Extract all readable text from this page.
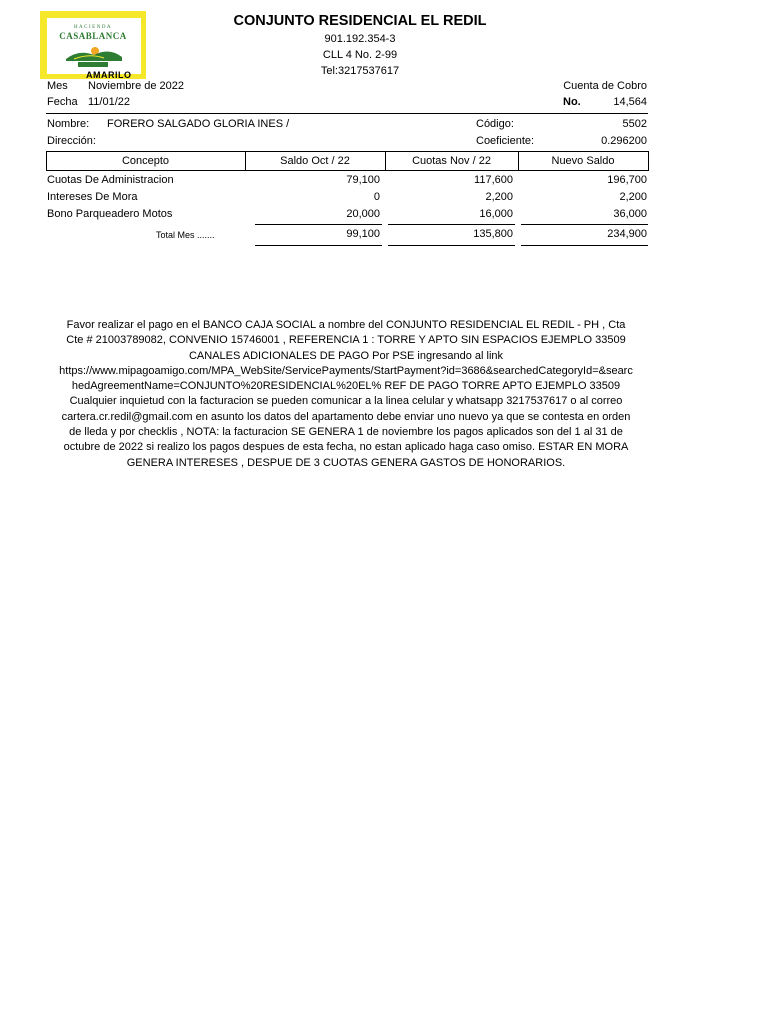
HACIENDA
CASABLANCA
AMARILO
CONJUNTO RESIDENCIAL EL REDIL
901.192.354-3
CLL 4 No. 2-99
Tel:3217537617
Mes Noviembre de 2022
Fecha 11/01/22
Cuenta de Cobro
No.	14,564
Nombre: FORERO SALGADO GLORIA INES /
Dirección:
Código:	5502
Coeficiente:	0.296200
Concepto	Saldo Oct / 22	Cuotas Nov / 22	Nuevo Saldo
Cuotas De Administracion	79,100	117,600	196,700
Intereses De Mora	0	2,200	2,200
Bono Parqueadero Motos	20,000	16,000	36,000
Total Mes .......	99,100	135,800	234,900
Favor realizar el pago en el BANCO CAJA SOCIAL a nombre del CONJUNTO RESIDENCIAL EL REDIL - PH , Cta
Cte # 21003789082, CONVENIO 15746001 , REFERENCIA 1 : TORRE Y APTO SIN ESPACIOS EJEMPLO 33509
CANALES ADICIONALES DE PAGO Por PSE ingresando al link
https://www.mipagoamigo.com/MPA_WebSite/ServicePayments/StartPayment?id=3686&searchedCategoryId=&searc
hedAgreementName=CONJUNTO%20RESIDENCIAL%20EL% REF DE PAGO TORRE APTO EJEMPLO 33509
Cualquier inquietud con la facturacion se pueden comunicar a la linea celular y whatsapp 3217537617 o al correo
cartera.cr.redil@gmail.com en asunto los datos del apartamento debe enviar uno nuevo ya que se contesta en orden
de lleda y por checklis , NOTA: la facturacion SE GENERA 1 de noviembre los pagos aplicados son del 1 al 31 de
octubre de 2022 si realizo los pagos despues de esta fecha, no estan aplicado haga caso omiso. ESTAR EN MORA
GENERA INTERESES , DESPUE DE 3 CUOTAS GENERA GASTOS DE HONORARIOS.
